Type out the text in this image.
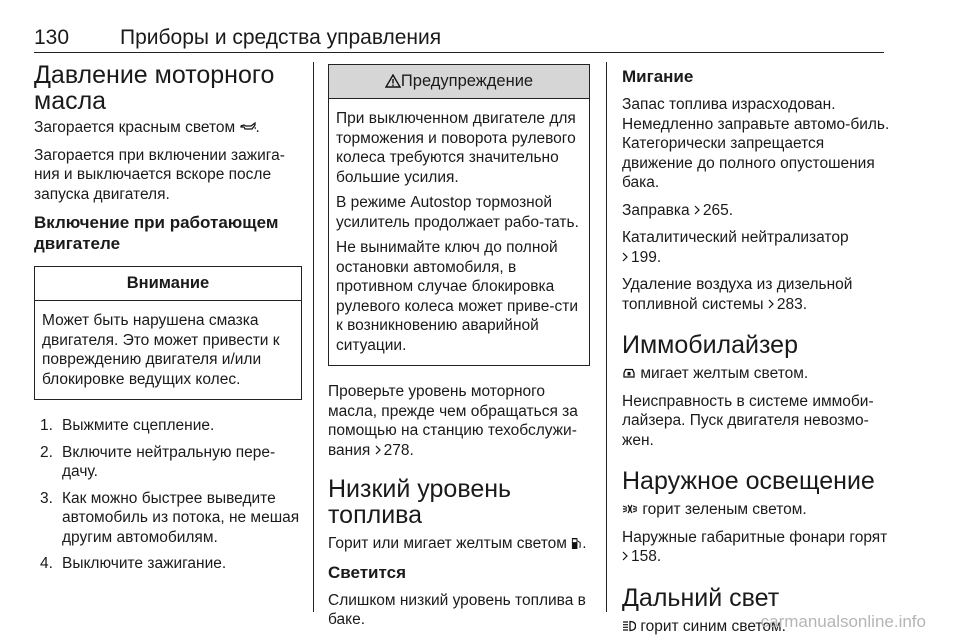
130 Приборы и средства управления
Давление моторного масла

Загорается красным светом .

Загорается при включении зажига-ния и выключается вскоре после запуска двигателя.

Включение при работающем двигателе
Внимание

Может быть нарушена смазка двигателя. Это может привести к повреждению двигателя и/или блокировке ведущих колес.

1. Выжмите сцепление.
2. Включите нейтральную пере-дачу.
3. Как можно быстрее выведите автомобиль из потока, не мешая другим автомобилям.
4. Выключите зажигание.
Предупреждение

При выключенном двигателе для торможения и поворота рулевого колеса требуются значительно большие усилия.

В режиме Autostop тормозной усилитель продолжает рабо-тать.

Не вынимайте ключ до полной остановки автомобиля, в противном случае блокировка рулевого колеса может приве-сти к возникновению аварийной ситуации.

Проверьте уровень моторного масла, прежде чем обращаться за помощью на станцию техобслужи-вания 278.

Низкий уровень топлива

Горит или мигает желтым светом .

Светится

Слишком низкий уровень топлива в баке.

Мигание

Запас топлива израсходован. Немедленно заправьте автомо-биль. Категорически запрещается движение до полного опустошения бака.

Заправка 265.

Каталитический нейтрализатор
199.

Удаление воздуха из дизельной топливной системы 283.

Иммобилайзер

мигает желтым светом.

Неисправность в системе иммоби-лайзера. Пуск двигателя невозмо-жен.

Наружное освещение

горит зеленым светом.

Наружные габаритные фонари горят 158.

Дальний свет

горит синим светом.

carmanualsonline.info
